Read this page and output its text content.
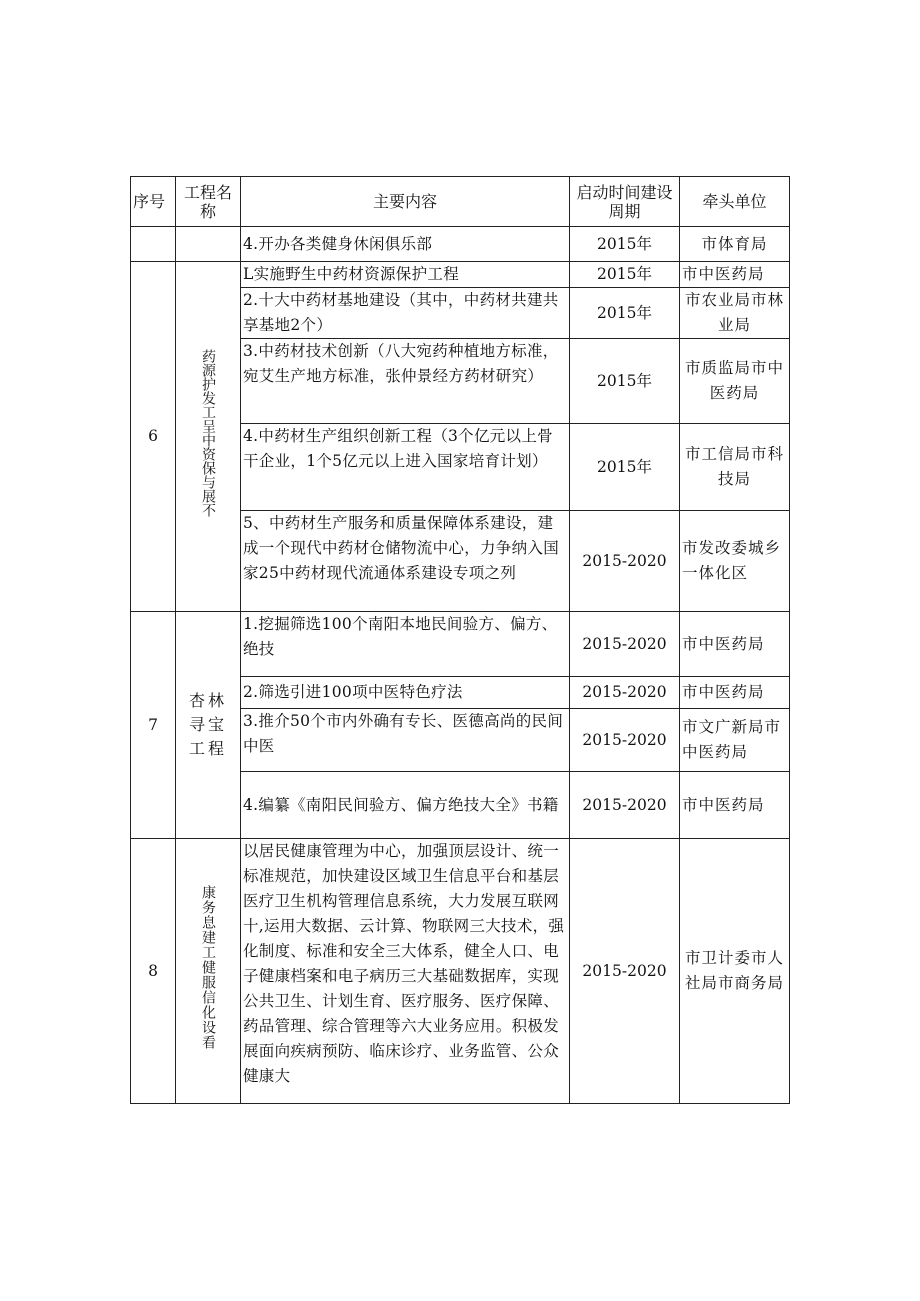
序号	工程名称	主要内容	启动时间建设周期	牵头单位
		4.开办各类健身休闲俱乐部	2015年	市体育局
6	药源护发工呈中资保与展不	L实施野生中药材资源保护工程	2015年	市中医药局
		2.十大中药材基地建设（其中，中药材共建共享基地2个）	2015年	市农业局市林业局
		3.中药材技术创新（八大宛药种植地方标准，宛艾生产地方标准，张仲景经方药材研究）	2015年	市质监局市中医药局
		4.中药材生产组织创新工程（3个亿元以上骨干企业，1个5亿元以上进入国家培育计划）	2015年	市工信局市科技局
		5、中药材生产服务和质量保障体系建设，建成一个现代中药材仓储物流中心，力争纳入国家25中药材现代流通体系建设专项之列	2015-2020	市发改委城乡一体化区
7	杏林寻宝工程	1.挖掘筛选100个南阳本地民间验方、偏方、绝技	2015-2020	市中医药局
		2.筛选引进100项中医特色疗法	2015-2020	市中医药局
		3.推介50个市内外确有专长、医德高尚的民间中医	2015-2020	市文广新局市中医药局
		4.编纂《南阳民间验方、偏方绝技大全》书籍	2015-2020	市中医药局
8	康务息建工健服信化设看	以居民健康管理为中心，加强顶层设计、统一标准规范，加快建设区域卫生信息平台和基层医疗卫生机构管理信息系统，大力发展互联网十,运用大数据、云计算、物联网三大技术，强化制度、标准和安全三大体系，健全人口、电子健康档案和电子病历三大基础数据库，实现公共卫生、计划生育、医疗服务、医疗保障、药品管理、综合管理等六大业务应用。积极发展面向疾病预防、临床诊疗、业务监管、公众健康大	2015-2020	市卫计委市人社局市商务局
